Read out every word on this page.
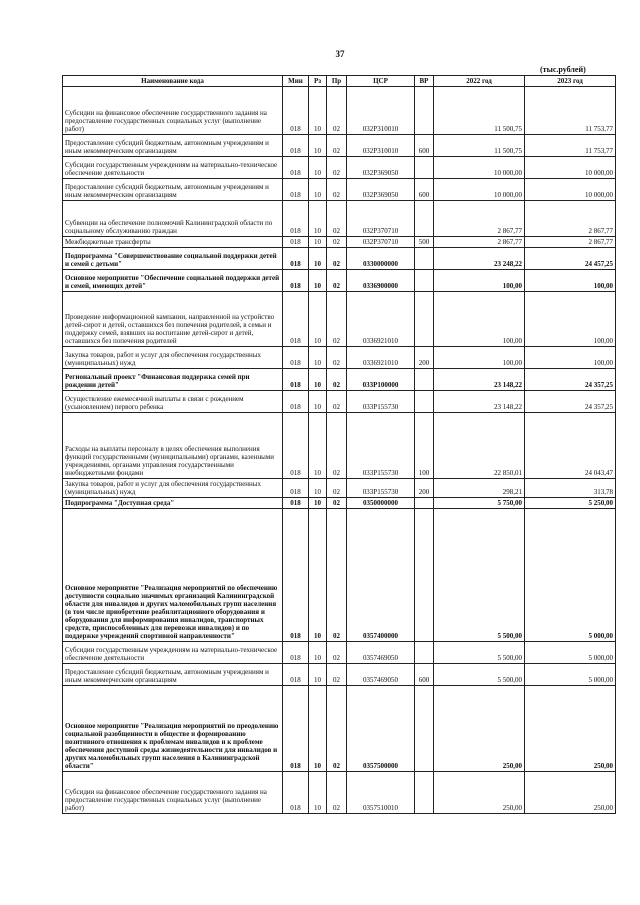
37
(тыс.рублей)
Наименование кода	Мин	Рз	Пр	ЦСР	ВР	2022 год	2023 год
Субсидии на финансовое обеспечение государственного задания на предоставление государственных социальных услуг (выполнение работ)	018	10	02	032P310010		11 500,75	11 753,77
Предоставление субсидий бюджетным, автономным учреждениям и иным некоммерческим организациям	018	10	02	032P310010	600	11 500,75	11 753,77
Субсидии государственным учреждениям на материально-техническое обеспечение деятельности	018	10	02	032P369050		10 000,00	10 000,00
Предоставление субсидий бюджетным, автономным учреждениям и иным некоммерческим организациям	018	10	02	032P369050	600	10 000,00	10 000,00
Субвенции на обеспечение полномочий Калининградской области по социальному обслуживанию граждан	018	10	02	032P370710		2 867,77	2 867,77
Межбюджетные трансферты	018	10	02	032P370710	500	2 867,77	2 867,77
Подпрограмма "Совершенствование социальной поддержки детей и семей с детьми"	018	10	02	0330000000		23 248,22	24 457,25
Основное мероприятие "Обеспечение социальной поддержки детей и семей, имеющих детей"	018	10	02	0336900000		100,00	100,00
Проведение информационной кампании, направленной на устройство детей-сирот и детей, оставшихся без попечения родителей, в семьи и поддержку семей, взявших на воспитание детей-сирот и детей, оставшихся без попечения родителей	018	10	02	0336921010		100,00	100,00
Закупка товаров, работ и услуг для обеспечения государственных (муниципальных) нужд	018	10	02	0336921010	200	100,00	100,00
Региональный проект "Финансовая поддержка семей при рождении детей"	018	10	02	033P100000		23 148,22	24 357,25
Осуществление ежемесячной выплаты в связи с рождением (усыновлением) первого ребенка	018	10	02	033P155730		23 148,22	24 357,25
Расходы на выплаты персоналу в целях обеспечения выполнения функций государственными (муниципальными) органами, казенными учреждениями, органами управления государственными внебюджетными фондами	018	10	02	033P155730	100	22 850,01	24 043,47
Закупка товаров, работ и услуг для обеспечения государственных (муниципальных) нужд	018	10	02	033P155730	200	298,21	313,78
Подпрограмма "Доступная среда"	018	10	02	0350000000		5 750,00	5 250,00
Основное мероприятие "Реализация мероприятий по обеспечению доступности социально значимых организаций Калининградской области для инвалидов и других маломобильных групп населения (в том числе приобретение реабилитационного оборудования и оборудования для информирования инвалидов, транспортных средств, приспособленных для перевозки инвалидов) и по поддержке учреждений спортивной направленности"	018	10	02	0357400000		5 500,00	5 000,00
Субсидии государственным учреждениям на материально-техническое обеспечение деятельности	018	10	02	0357469050		5 500,00	5 000,00
Предоставление субсидий бюджетным, автономным учреждениям и иным некоммерческим организациям	018	10	02	0357469050	600	5 500,00	5 000,00
Основное мероприятие "Реализация мероприятий по преодолению социальной разобщенности в обществе и формированию позитивного отношения к проблемам инвалидов и к проблеме обеспечения доступной среды жизнедеятельности для инвалидов и других маломобильных групп населения в Калининградской области"	018	10	02	0357500000		250,00	250,00
Субсидии на финансовое обеспечение государственного задания на предоставление государственных социальных услуг (выполнение работ)	018	10	02	0357510010		250,00	250,00
